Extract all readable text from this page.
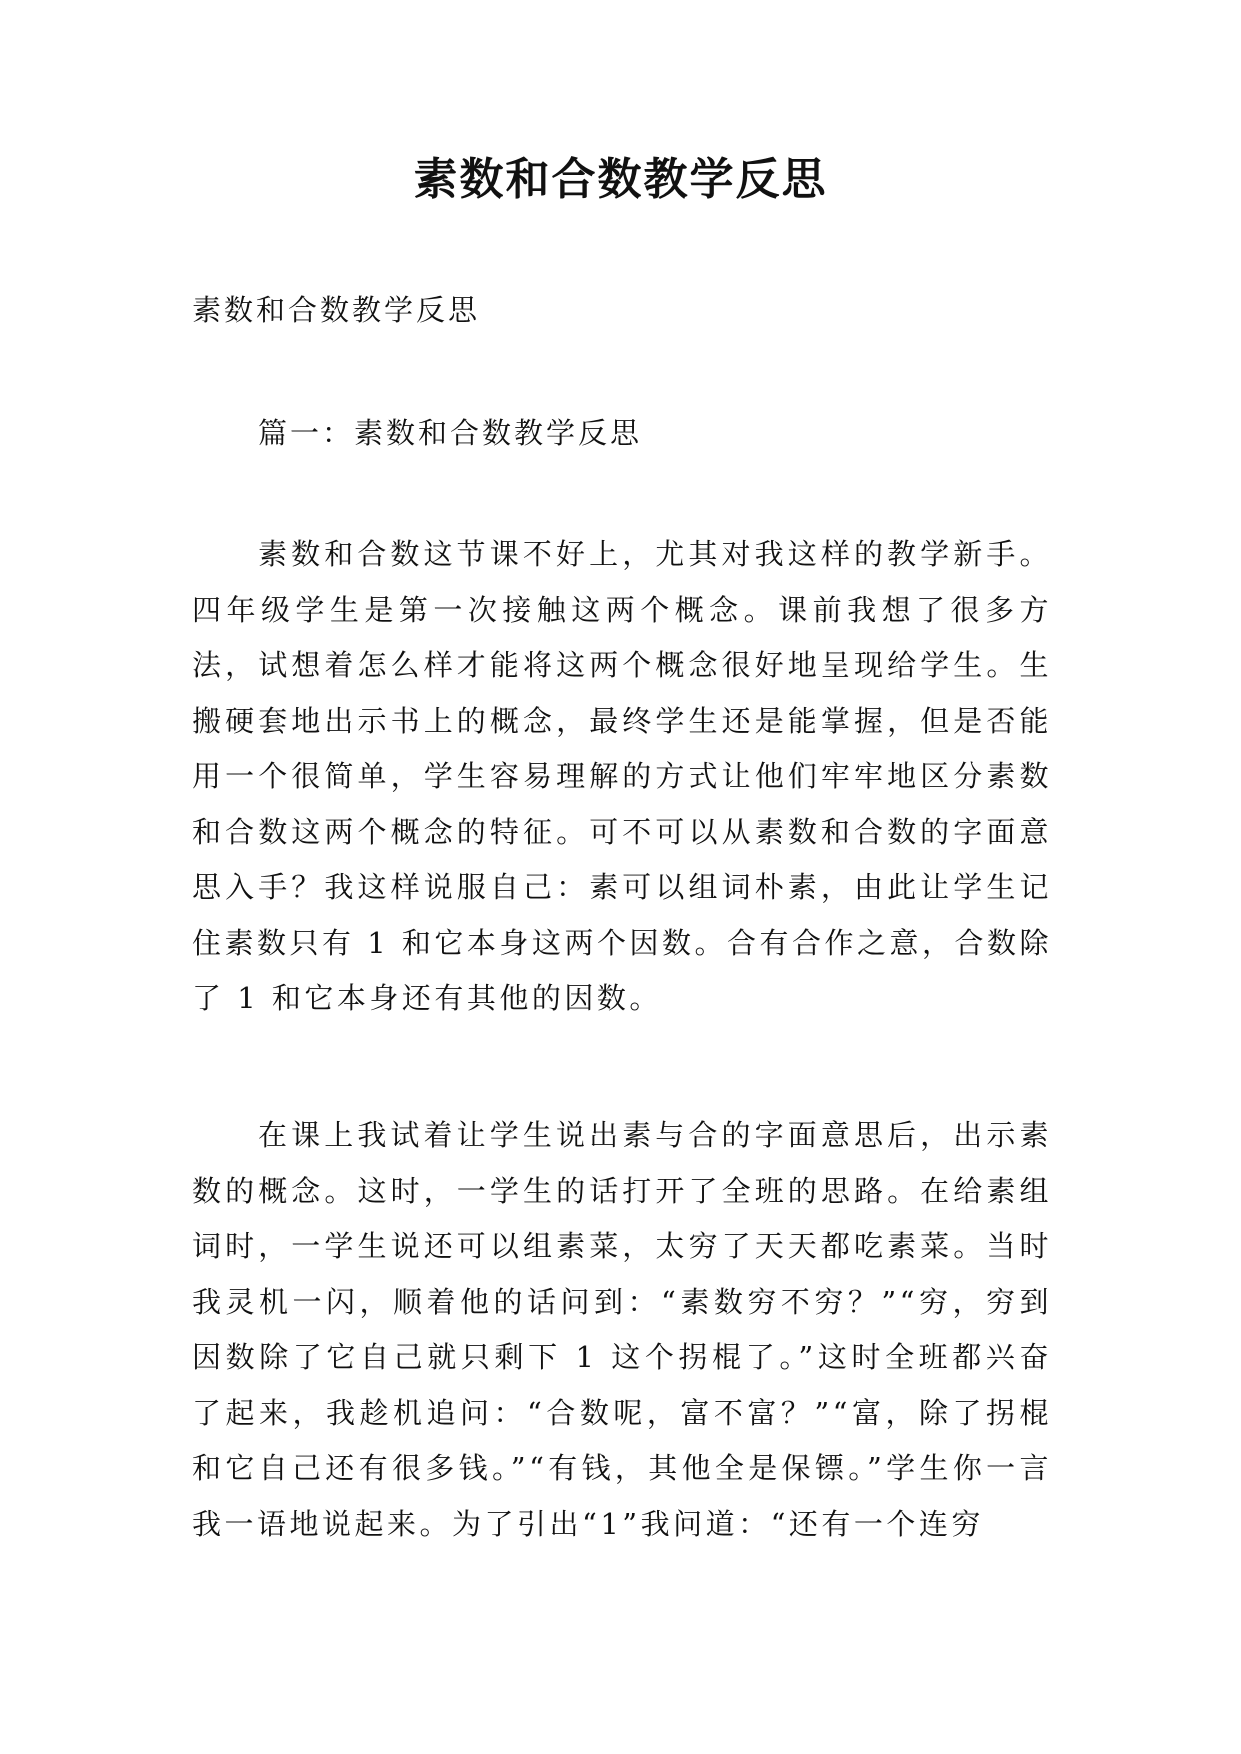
素数和合数教学反思
素数和合数教学反思
篇一：素数和合数教学反思

素数和合数这节课不好上，尤其对我这样的教学新手。四年级学生是第一次接触这两个概念。课前我想了很多方法，试想着怎么样才能将这两个概念很好地呈现给学生。生搬硬套地出示书上的概念，最终学生还是能掌握，但是否能用一个很简单，学生容易理解的方式让他们牢牢地区分素数和合数这两个概念的特征。可不可以从素数和合数的字面意思入手？我这样说服自己：素可以组词朴素，由此让学生记住素数只有 1 和它本身这两个因数。合有合作之意，合数除了 1 和它本身还有其他的因数。

在课上我试着让学生说出素与合的字面意思后，出示素数的概念。这时，一学生的话打开了全班的思路。在给素组词时，一学生说还可以组素菜，太穷了天天都吃素菜。当时我灵机一闪，顺着他的话问到：“素数穷不穷？”“穷，穷到因数除了它自己就只剩下 1 这个拐棍了。”这时全班都兴奋了起来，我趁机追问：“合数呢，富不富？”“富，除了拐棍和它自己还有很多钱。”“有钱，其他全是保镖。”学生你一言我一语地说起来。为了引出“1”我问道：“还有一个连穷
